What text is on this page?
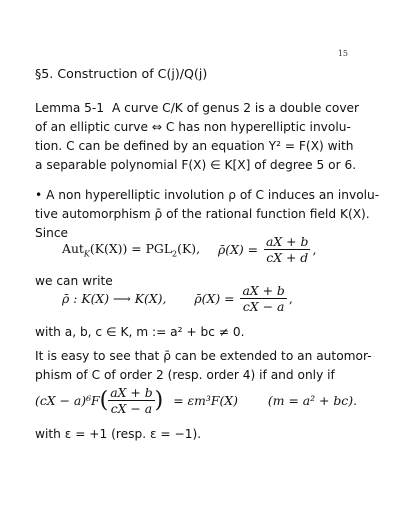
15
§5. Construction of C(j)/Q(j)
Lemma 5-1 A curve C/K of genus 2 is a double cover
of an elliptic curve ⇔ C has non hyperelliptic involu-
tion. C can be defined by an equation Y² = F(X) with
a separable polynomial F(X) ∈ K[X] of degree 5 or 6.
• A non hyperelliptic involution ρ of C induces an involu-
tive automorphism ρ̄ of the rational function field K(X).
Since
$Aut_K(K(X)) = PGL_2(K)$, ρ̄(X) = $\frac{aX + b}{cX + d}$ ,
we can write
ρ̄ : K(X) ⟶ K(X), ρ̄(X) = $\frac{aX + b}{cX - a}$ ,
with a, b, c ∈ K, m := a² + bc ≠ 0.
It is easy to see that ρ̄ can be extended to an automor-
phism of C of order 2 (resp. order 4) if and only if
$(cX - a)^6F( \frac{aX + b}{cX - a}$ ) = εm³F(X) (m = a² + bc).
with ε = +1 (resp. ε = −1).
